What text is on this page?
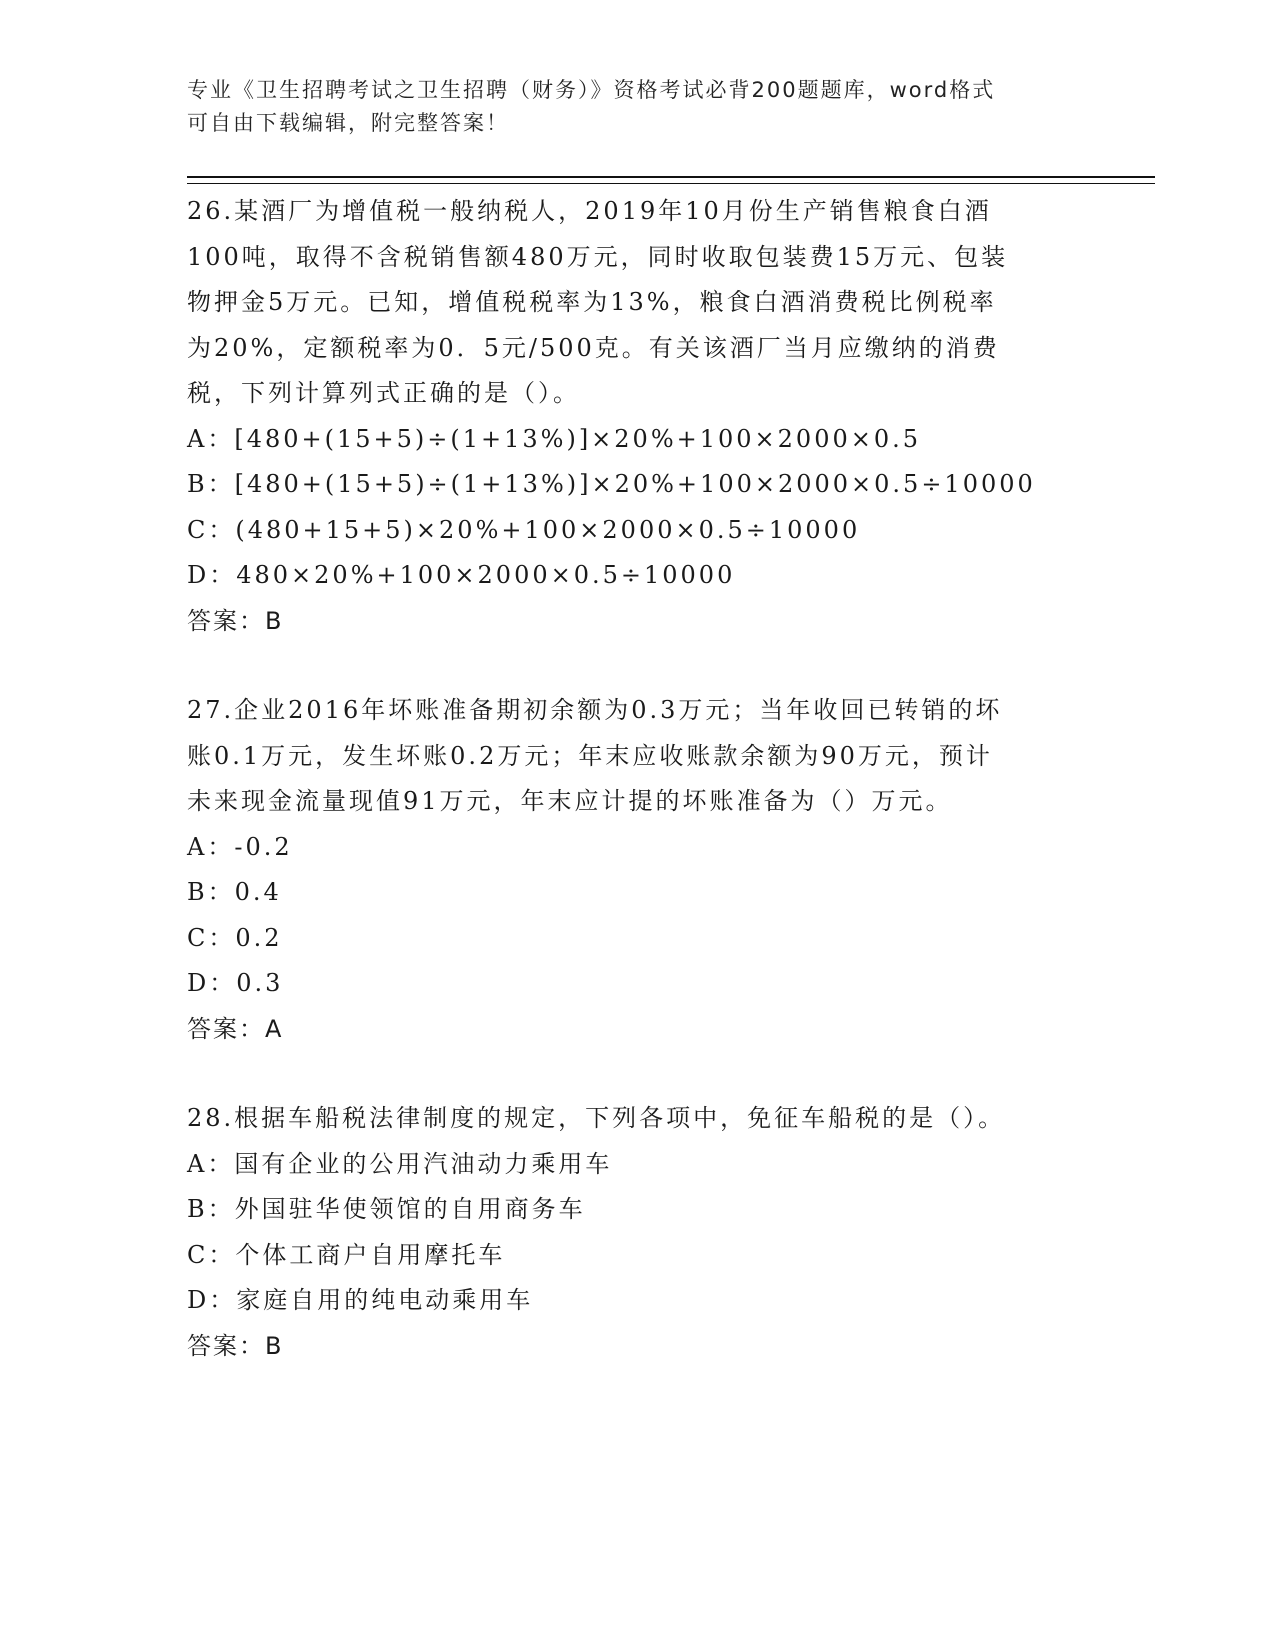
专业《卫生招聘考试之卫生招聘（财务）》资格考试必背200题题库，word格式
可自由下载编辑，附完整答案！

26.某酒厂为增值税一般纳税人，2019年10月份生产销售粮食白酒

100吨，取得不含税销售额480万元，同时收取包装费15万元、包装

物押金5万元。已知，增值税税率为13%，粮食白酒消费税比例税率

为20%，定额税率为0．5元/500克。有关该酒厂当月应缴纳的消费

税，下列计算列式正确的是（）。

A：[480+(15+5)÷(1+13%)]×20%+100×2000×0.5

B：[480+(15+5)÷(1+13%)]×20%+100×2000×0.5÷10000

C：(480+15+5)×20%+100×2000×0.5÷10000

D：480×20%+100×2000×0.5÷10000

答案：B

27.企业2016年坏账准备期初余额为0.3万元；当年收回已转销的坏

账0.1万元，发生坏账0.2万元；年末应收账款余额为90万元，预计

未来现金流量现值91万元，年末应计提的坏账准备为（）万元。

A：-0.2

B：0.4

C：0.2

D：0.3

答案：A

28.根据车船税法律制度的规定，下列各项中，免征车船税的是（）。

A：国有企业的公用汽油动力乘用车

B：外国驻华使领馆的自用商务车

C：个体工商户自用摩托车

D：家庭自用的纯电动乘用车

答案：B
